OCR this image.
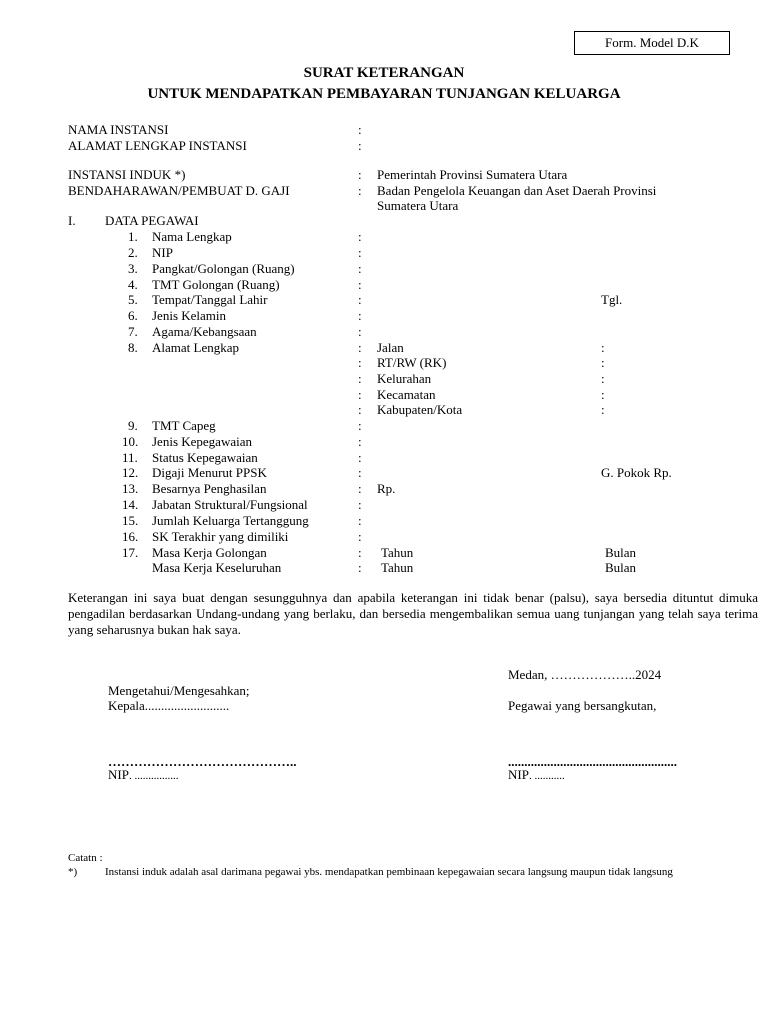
Form. Model D.K
SURAT KETERANGAN
UNTUK MENDAPATKAN PEMBAYARAN TUNJANGAN KELUARGA
NAMA INSTANSI	:
ALAMAT LENGKAP INSTANSI	:
INSTANSI INDUK *)	: Pemerintah Provinsi Sumatera Utara
BENDAHARAWAN/PEMBUAT D. GAJI	: Badan Pengelola Keuangan dan Aset Daerah Provinsi
Sumatera Utara
I. DATA PEGAWAI
1. Nama Lengkap	:
2. NIP	:
3. Pangkat/Golongan (Ruang)	:
4. TMT Golongan (Ruang)	:
5. Tempat/Tanggal Lahir	:	Tgl.
6. Jenis Kelamin	:
7. Agama/Kebangsaan	:
8. Alamat Lengkap	: Jalan	:
: RT/RW (RK)	:
: Kelurahan	:
: Kecamatan	:
: Kabupaten/Kota	:
9. TMT Capeg	:
10. Jenis Kepegawaian	:
11. Status Kepegawaian	:
12. Digaji Menurut PPSK	:	G. Pokok Rp.
13. Besarnya Penghasilan	: Rp.
14. Jabatan Struktural/Fungsional	:
15. Jumlah Keluarga Tertanggung	:
16. SK Terakhir yang dimiliki	:
17. Masa Kerja Golongan	: Tahun	Bulan
Masa Kerja Keseluruhan	: Tahun	Bulan
Keterangan ini saya buat dengan sesungguhnya dan apabila keterangan ini tidak benar (palsu), saya bersedia dituntut dimuka pengadilan berdasarkan Undang-undang yang berlaku, dan bersedia mengembalikan semua uang tunjangan yang telah saya terima yang seharusnya bukan hak saya.
Medan, ………………..2024
Mengetahui/Mengesahkan;
Kepala..........................	Pegawai yang bersangkutan,
……………………………………..	....................................................
NIP. ................	NIP. ...........
Catatn :
*)	Instansi induk adalah asal darimana pegawai ybs. mendapatkan pembinaan kepegawaian secara langsung maupun tidak langsung
